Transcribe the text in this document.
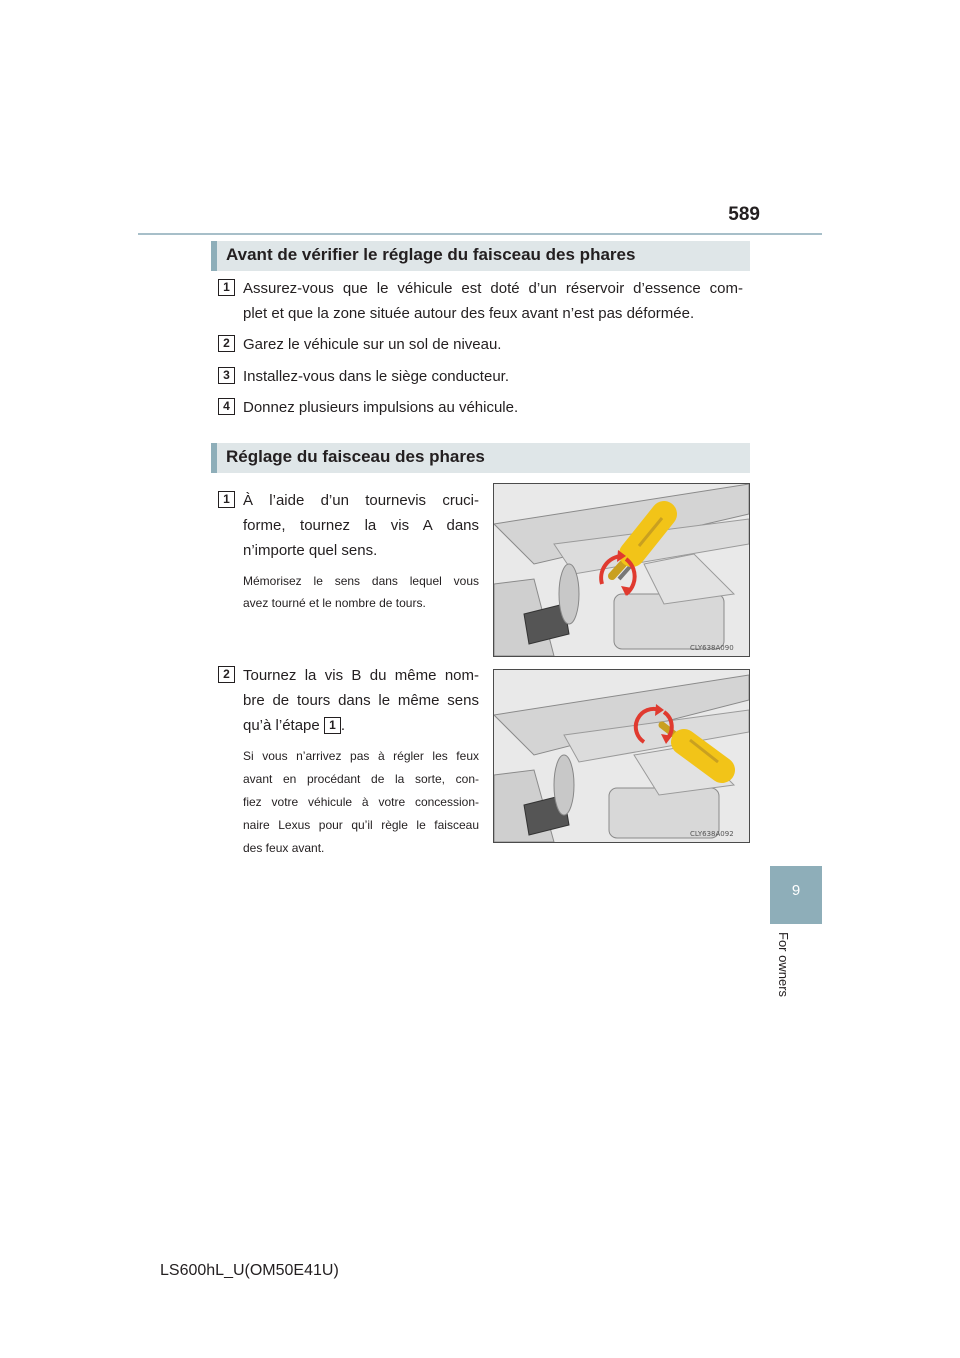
589
9
For owners
Avant de vérifier le réglage du faisceau des phares
1 Assurez-vous que le véhicule est doté d’un réservoir d’essence com-
plet et que la zone située autour des feux avant n’est pas déformée.
2 Garez le véhicule sur un sol de niveau.
3 Installez-vous dans le siège conducteur.
4 Donnez plusieurs impulsions au véhicule.
Réglage du faisceau des phares
1 À l’aide d’un tournevis cruci-
forme, tournez la vis A dans
n’importe quel sens.
Mémorisez le sens dans lequel vous
avez tourné et le nombre de tours.
CLY638A090
2 Tournez la vis B du même nom-
bre de tours dans le même sens
qu’à l’étape 1 .
Si vous n’arrivez pas à régler les feux
avant en procédant de la sorte, con-
fiez votre véhicule à votre concession-
naire Lexus pour qu’il règle le faisceau
des feux avant.
CLY638A092
LS600hL_U(OM50E41U)
